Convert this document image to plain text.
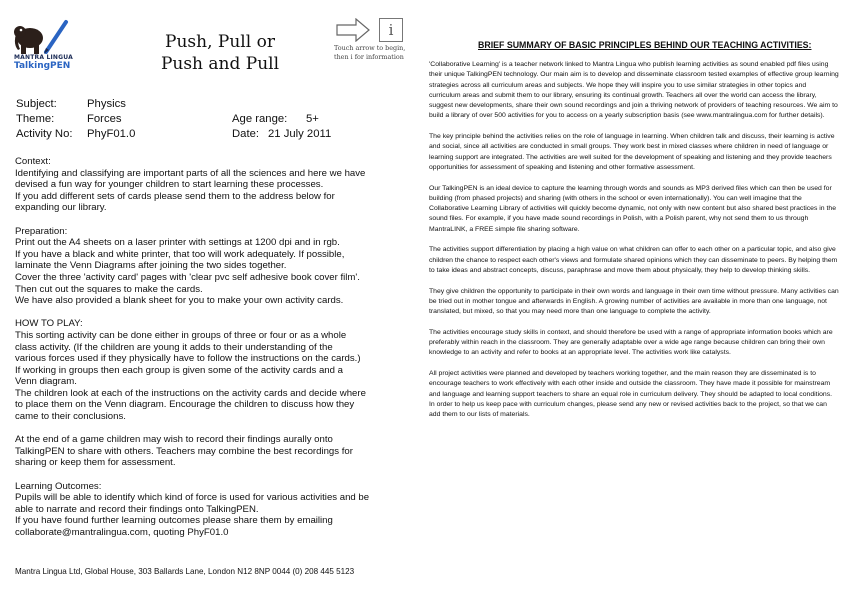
MANTRA LINGUA
TalkingPEN
Push, Pull or
Push and Pull
i
Touch arrow to begin,
then i for information
Subject:	Physics
Theme:	Forces	Age range: 5+
Activity No: PhyF01.0	Date: 21 July 2011
Context:
Identifying and classifying are important parts of all the sciences and here we have
devised a fun way for younger children to start learning these processes.
If you add different sets of cards please send them to the address below for
expanding our library.
Preparation:
Print out the A4 sheets on a laser printer with settings at 1200 dpi and in rgb.
If you have a black and white printer, that too will work adequately. If possible,
laminate the Venn Diagrams after joining the two sides together.
Cover the three 'activity card' pages with 'clear pvc self adhesive book cover film'.
Then cut out the squares to make the cards.
We have also provided a blank sheet for you to make your own activity cards.
HOW TO PLAY:
This sorting activity can be done either in groups of three or four or as a whole
class activity. (If the children are young it adds to their understanding of the
various forces used if they physically have to follow the instructions on the cards.)
If working in groups then each group is given some of the activity cards and a
Venn diagram.
The children look at each of the instructions on the activity cards and decide where
to place them on the Venn diagram. Encourage the children to discuss how they
came to their conclusions.
At the end of a game children may wish to record their findings aurally onto
TalkingPEN to share with others. Teachers may combine the best recordings for
sharing or keep them for assessment.
Learning Outcomes:
Pupils will be able to identify which kind of force is used for various activities and be
able to narrate and record their findings onto TalkingPEN.
If you have found further learning outcomes please share them by emailing
collaborate@mantralingua.com, quoting PhyF01.0
Mantra Lingua Ltd, Global House, 303 Ballards Lane, London N12 8NP 0044 (0) 208 445 5123
BRIEF SUMMARY OF BASIC PRINCIPLES BEHIND OUR TEACHING ACTIVITIES:

'Collaborative Learning' is a teacher network linked to Mantra Lingua who publish learning activities as sound enabled pdf files using their unique TalkingPEN technology. Our main aim is to develop and disseminate classroom tested examples of effective group learning strategies across all curriculum areas and subjects. We hope they will inspire you to use similar strategies in other topics and curriculum areas and submit them to our library, ensuring its continual growth. Teachers all over the world can access the library, suggest new developments, share their own sound recordings and join a thriving network of providers of teaching resources. We aim to build a library of over 500 activities for you to access on a yearly subscription basis (see www.mantralingua.com for further details).

The key principle behind the activities relies on the role of language in learning. When children talk and discuss, their learning is active and social, since all activities are conducted in small groups. They work best in mixed classes where children in need of language or learning support are integrated. The activities are well suited for the development of speaking and listening and they provide teachers opportunities for assessment of speaking and listening and other formative assessment.

Our TalkingPEN is an ideal device to capture the learning through words and sounds as MP3 derived files which can then be used for building (from phased projects) and sharing (with others in the school or even internationally). You can well imagine that the Collaborative Learning Library of activities will quickly become dynamic, not only with new content but also shared best practices in the sound files. For example, if you have made sound recordings in Polish, with a Polish parent, why not send them to us through MantraLINK, a FREE simple file sharing software.

The activities support differentiation by placing a high value on what children can offer to each other on a particular topic, and also give children the chance to respect each other's views and formulate shared opinions which they can disseminate to peers. By helping them to take ideas and abstract concepts, discuss, paraphrase and move them about physically, they help to develop thinking skills.

They give children the opportunity to participate in their own words and language in their own time without pressure. Many activities can be tried out in mother tongue and afterwards in English. A growing number of activities are available in more than one language, not translated, but mixed, so that you may need more than one language to complete the activity.

The activities encourage study skills in context, and should therefore be used with a range of appropriate information books which are preferably within reach in the classroom. They are generally adaptable over a wide age range because children can bring their own knowledge to an activity and refer to books at an appropriate level. The activities work like catalysts.

All project activities were planned and developed by teachers working together, and the main reason they are disseminated is to encourage teachers to work effectively with each other inside and outside the classroom. They have made it possible for mainstream and language and learning support teachers to share an equal role in curriculum delivery. They should be adapted to local conditions. In order to help us keep pace with curriculum changes, please send any new or revised activities back to the project, so that we can add them to our lists of materials.
